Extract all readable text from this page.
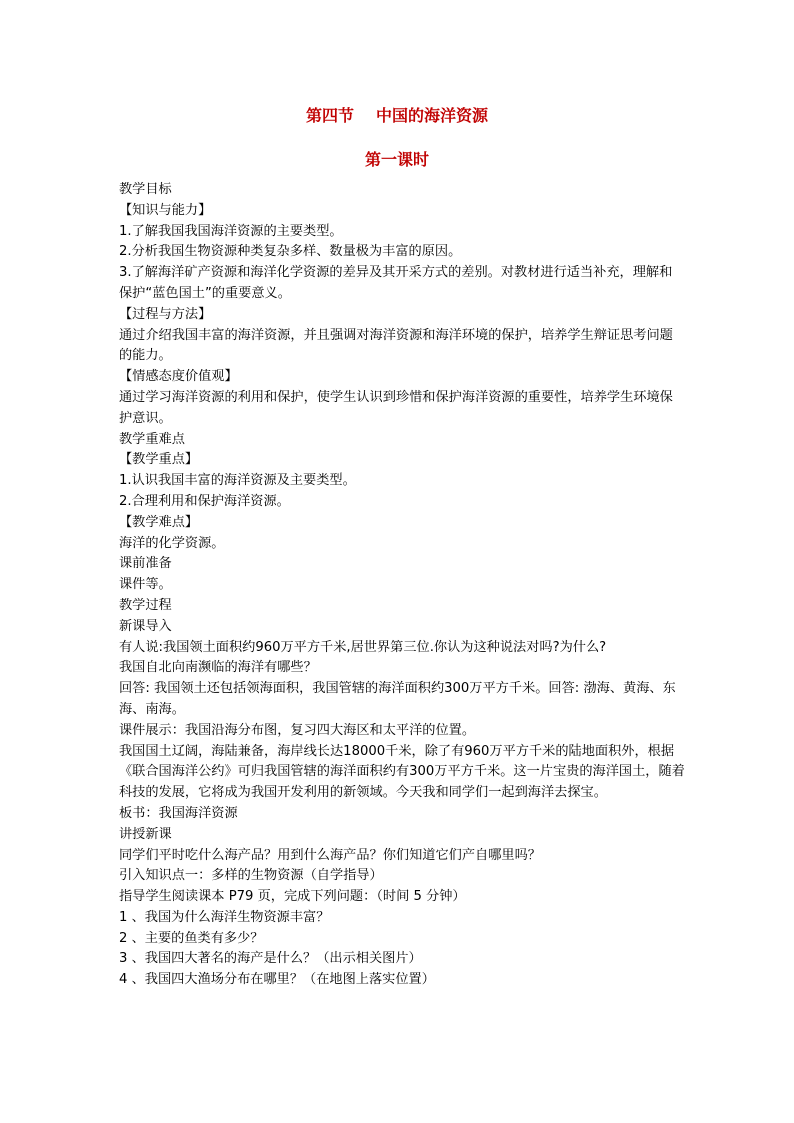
第四节 中国的海洋资源
第一课时

教学目标

【知识与能力】

1.了解我国我国海洋资源的主要类型。

2.分析我国生物资源种类复杂多样、数量极为丰富的原因。

3.了解海洋矿产资源和海洋化学资源的差异及其开采方式的差别。对教材进行适当补充，理解和保护“蓝色国土”的重要意义。

【过程与方法】

通过介绍我国丰富的海洋资源，并且强调对海洋资源和海洋环境的保护，培养学生辩证思考问题的能力。

【情感态度价值观】

通过学习海洋资源的利用和保护，使学生认识到珍惜和保护海洋资源的重要性，培养学生环境保护意识。

教学重难点

【教学重点】

1.认识我国丰富的海洋资源及主要类型。

2.合理利用和保护海洋资源。

【教学难点】

海洋的化学资源。

课前准备

课件等。

教学过程

新课导入

有人说:我国领土面积约960万平方千米,居世界第三位.你认为这种说法对吗?为什么?

我国自北向南濒临的海洋有哪些？

回答: 我国领土还包括领海面积，我国管辖的海洋面积约300万平方千米。回答: 渤海、黄海、东海、南海。

课件展示：我国沿海分布图，复习四大海区和太平洋的位置。

我国国土辽阔，海陆兼备，海岸线长达18000千米，除了有960万平方千米的陆地面积外，根据《联合国海洋公约》可归我国管辖的海洋面积约有300万平方千米。这一片宝贵的海洋国土，随着科技的发展，它将成为我国开发利用的新领域。今天我和同学们一起到海洋去探宝。

板书：我国海洋资源

讲授新课

同学们平时吃什么海产品？用到什么海产品？你们知道它们产自哪里吗？

引入知识点一：多样的生物资源（自学指导）

指导学生阅读课本 P79 页，完成下列问题：（时间 5 分钟）

1 、我国为什么海洋生物资源丰富？

2 、主要的鱼类有多少？

3 、我国四大著名的海产是什么？（出示相关图片）

4 、我国四大渔场分布在哪里？（在地图上落实位置）
